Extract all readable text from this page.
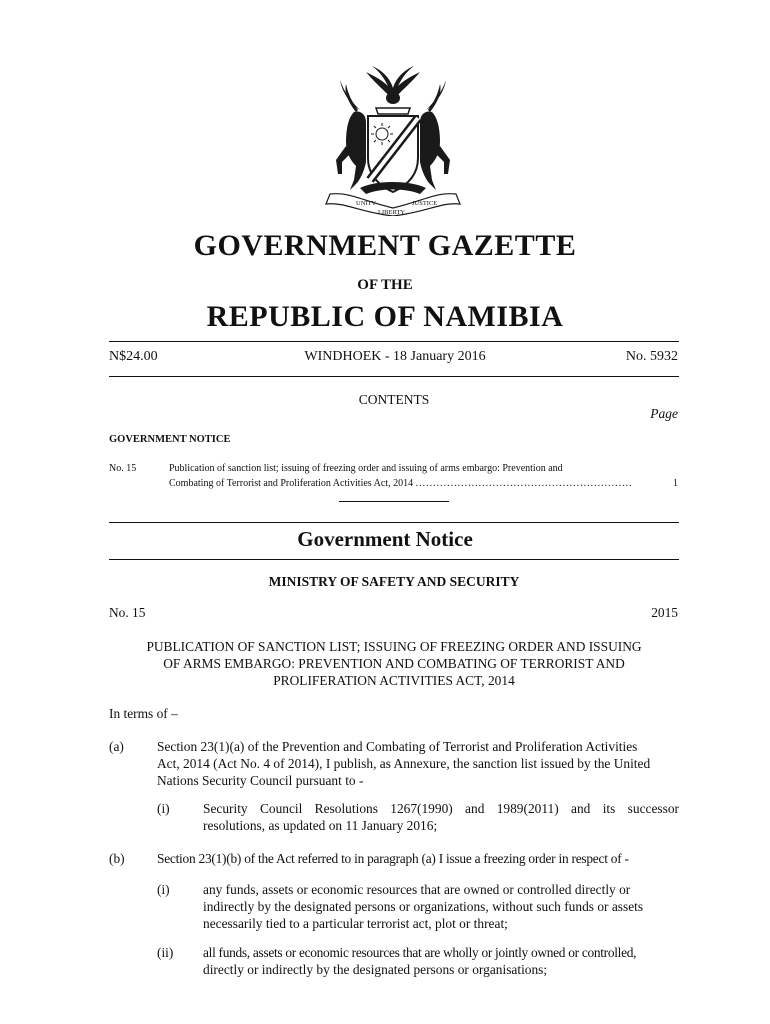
UNITY
LIBERTY
JUSTICE
GOVERNMENT GAZETTE
OF THE
REPUBLIC OF NAMIBIA
N$24.00	WINDHOEK - 18 January 2016	No. 5932
CONTENTS
Page
GOVERNMENT NOTICE
No. 15	Publication of sanction list; issuing of freezing order and issuing of arms embargo: Prevention and
Combating of Terrorist and Proliferation Activities Act, 2014 ..............................................................	1
Government Notice
MINISTRY OF SAFETY AND SECURITY
No. 15	2015
PUBLICATION OF SANCTION LIST; ISSUING OF FREEZING ORDER AND ISSUING
OF ARMS EMBARGO: PREVENTION AND COMBATING OF TERRORIST AND
PROLIFERATION ACTIVITIES ACT, 2014
In terms of –
(a) Section 23(1)(a) of the Prevention and Combating of Terrorist and Proliferation Activities
Act, 2014 (Act No. 4 of 2014), I publish, as Annexure, the sanction list issued by the United
Nations Security Council pursuant to -
(i) Security Council Resolutions 1267(1990) and 1989(2011) and its successor
resolutions, as updated on 11 January 2016;
(b) Section 23(1)(b) of the Act referred to in paragraph (a) I issue a freezing order in respect of -
(i) any funds, assets or economic resources that are owned or controlled directly or
indirectly by the designated persons or organizations, without such funds or assets
necessarily tied to a particular terrorist act, plot or threat;
(ii) all funds, assets or economic resources that are wholly or jointly owned or controlled,
directly or indirectly by the designated persons or organisations;
